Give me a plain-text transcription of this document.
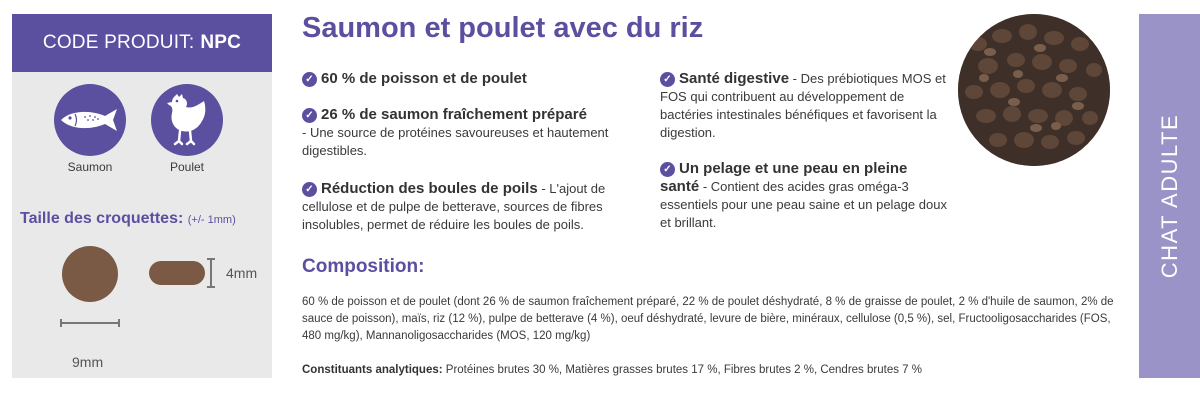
CODE PRODUIT: NPC
Saumon	Poulet
Taille des croquettes: (+/- 1mm)
4mm
9mm
Saumon et poulet avec du riz
✓ 60 % de poisson et de poulet
✓ 26 % de saumon fraîchement préparé
- Une source de protéines savoureuses et hautement digestibles.
✓ Réduction des boules de poils - L'ajout de cellulose et de pulpe de betterave, sources de fibres insolubles, permet de réduire les boules de poils.
✓ Santé digestive - Des prébiotiques MOS et FOS qui contribuent au développement de bactéries intestinales bénéfiques et favorisent la digestion.
✓ Un pelage et une peau en pleine santé - Contient des acides gras oméga-3 essentiels pour une peau saine et un pelage doux et brillant.
Composition:
60 % de poisson et de poulet (dont 26 % de saumon fraîchement préparé, 22 % de poulet déshydraté, 8 % de graisse de poulet, 2 % d'huile de saumon, 2% de sauce de poisson), maïs, riz (12 %), pulpe de betterave (4 %), oeuf déshydraté, levure de bière, minéraux, cellulose (0,5 %), sel, Fructooligosaccharides (FOS, 480 mg/kg), Mannanoligosaccharides (MOS, 120 mg/kg)
Constituants analytiques: Protéines brutes 30 %, Matières grasses brutes 17 %, Fibres brutes 2 %, Cendres brutes 7 %
CHAT ADULTE
